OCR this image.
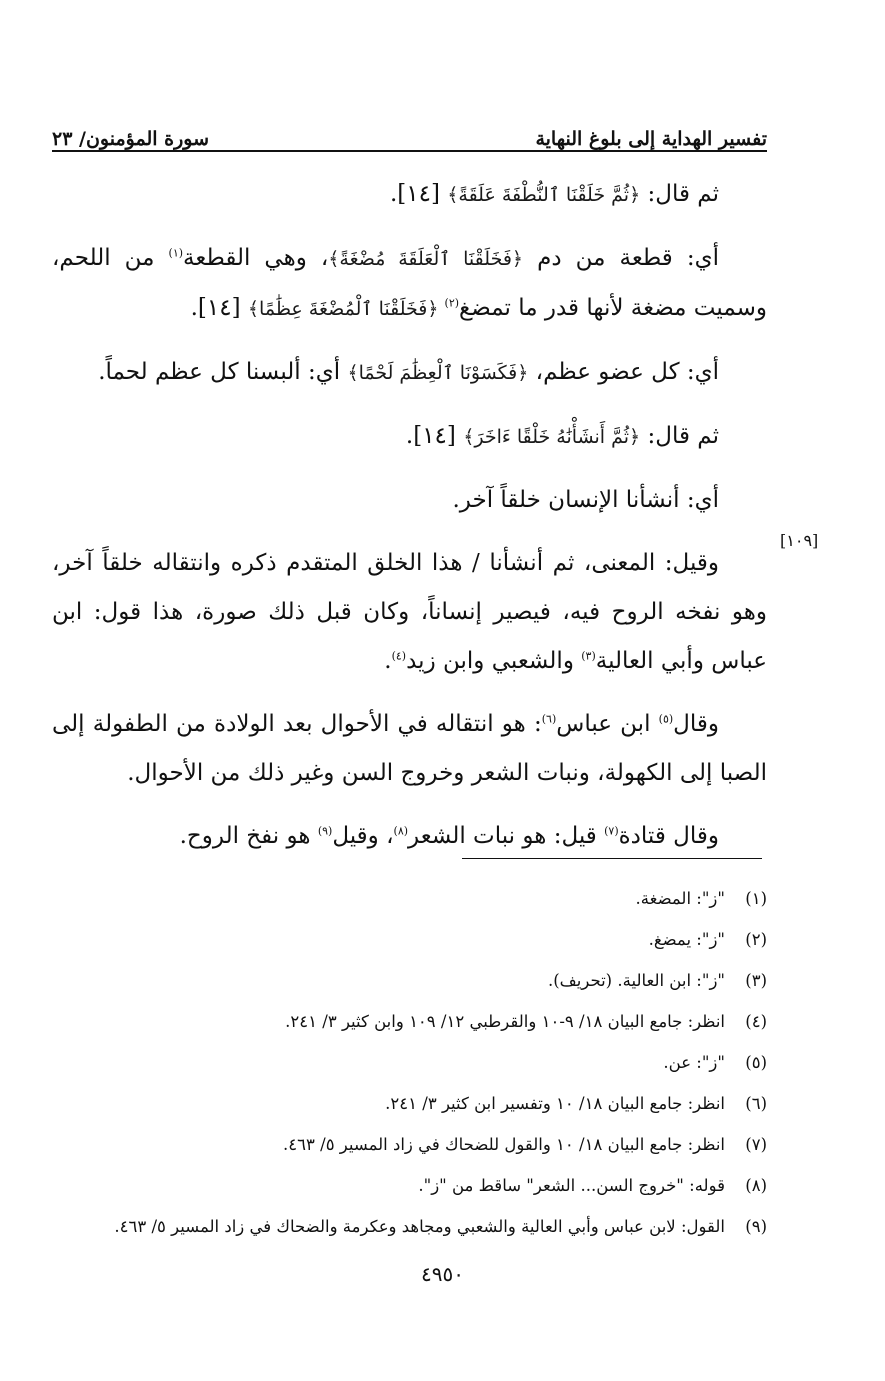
تفسير الهداية إلى بلوغ النهاية
سورة المؤمنون/ ٢٣
[١٠٩]

ثم قال: ﴿ثُمَّ خَلَقْنَا ٱلنُّطْفَةَ عَلَقَةً﴾ [١٤].

أي: قطعة من دم ﴿فَخَلَقْنَا ٱلْعَلَقَةَ مُضْغَةً﴾، وهي القطعة$^{(١)}$ من اللحم، وسميت مضغة لأنها قدر ما تمضغ$^{(٢)}$ ﴿فَخَلَقْنَا ٱلْمُضْغَةَ عِظَٰمًا﴾ [١٤].

أي: كل عضو عظم، ﴿فَكَسَوْنَا ٱلْعِظَٰمَ لَحْمًا﴾ أي: ألبسنا كل عظم لحماً.

ثم قال: ﴿ثُمَّ أَنشَأْنَٰهُ خَلْقًا ءَاخَرَ﴾ [١٤].

أي: أنشأنا الإنسان خلقاً آخر.

وقيل: المعنى، ثم أنشأنا / هذا الخلق المتقدم ذكره وانتقاله خلقاً آخر، وهو نفخه الروح فيه، فيصير إنساناً، وكان قبل ذلك صورة، هذا قول: ابن عباس وأبي العالية$^{(٣)}$ والشعبي وابن زيد$^{(٤)}$.

وقال$^{(٥)}$ ابن عباس$^{(٦)}$: هو انتقاله في الأحوال بعد الولادة من الطفولة إلى الصبا إلى الكهولة، ونبات الشعر وخروج السن وغير ذلك من الأحوال.

وقال قتادة$^{(٧)}$ قيل: هو نبات الشعر$^{(٨)}$، وقيل$^{(٩)}$ هو نفخ الروح.

(١)
"ز": المضغة.
(٢)
"ز": يمضغ.
(٣)
"ز": ابن العالية. (تحريف).
(٤)
انظر: جامع البيان ١٨/ ٩-١٠ والقرطبي ١٢/ ١٠٩ وابن كثير ٣/ ٢٤١.
(٥)
"ز": عن.
(٦)
انظر: جامع البيان ١٨/ ١٠ وتفسير ابن كثير ٣/ ٢٤١.
(٧)
انظر: جامع البيان ١٨/ ١٠ والقول للضحاك في زاد المسير ٥/ ٤٦٣.
(٨)
قوله: "خروج السن... الشعر" ساقط من "ز".
(٩)
القول: لابن عباس وأبي العالية والشعبي ومجاهد وعكرمة والضحاك في زاد المسير ٥/ ٤٦٣.
٤٩٥٠
